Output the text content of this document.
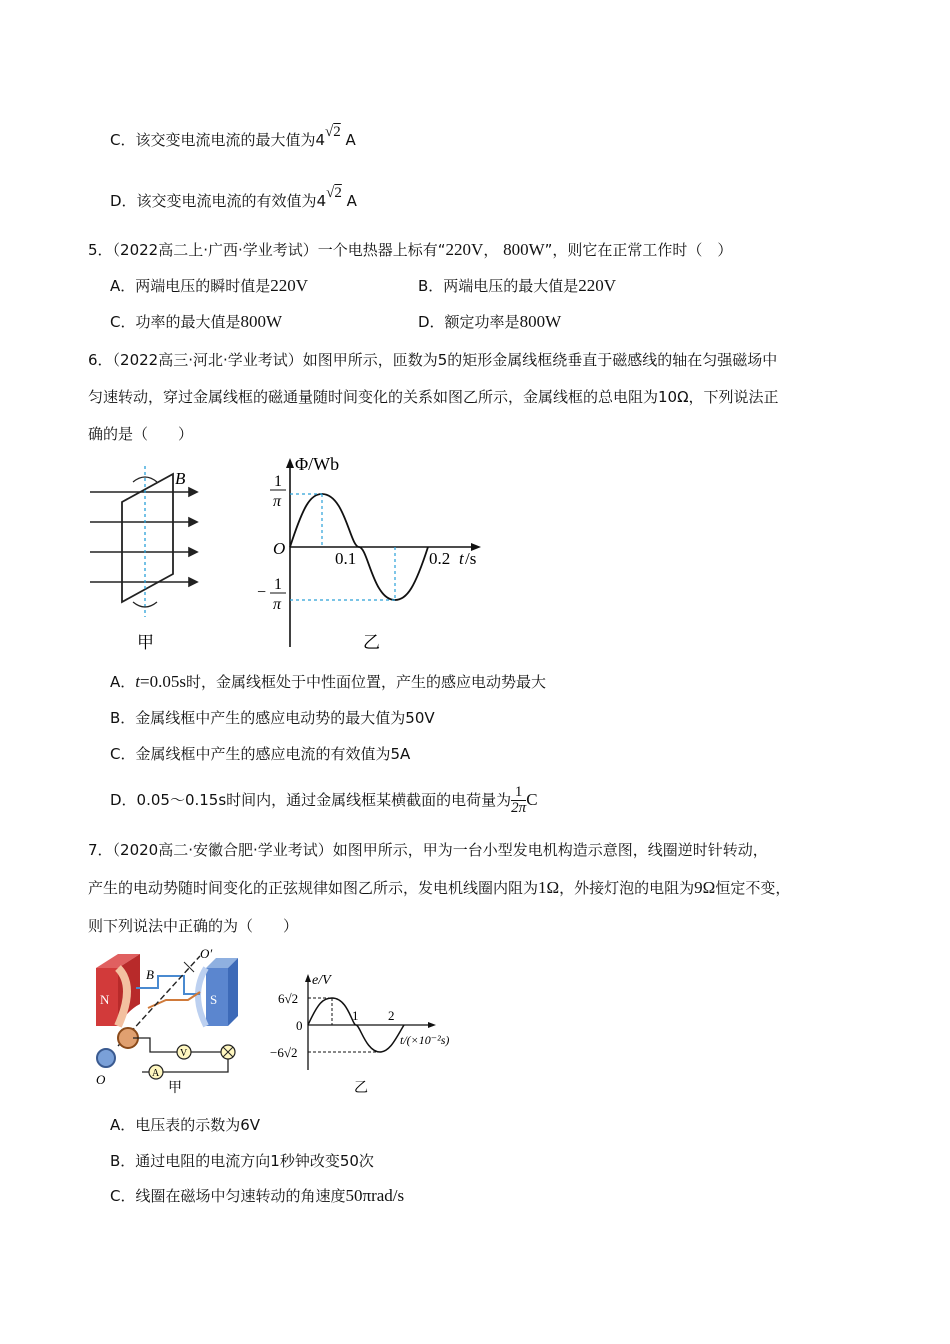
C．该交变电流电流的最大值为4√2 A
D．该交变电流电流的有效值为4√2 A
5．（2022高二上·广西·学业考试）一个电热器上标有“220V， 800W”，则它在正常工作时（　）
A．两端电压的瞬时值是220V	B．两端电压的最大值是220V
C．功率的最大值是800W	D．额定功率是800W
6．（2022高三·河北·学业考试）如图甲所示，匝数为5的矩形金属线框绕垂直于磁感线的轴在匀强磁场中
匀速转动，穿过金属线框的磁通量随时间变化的关系如图乙所示，金属线框的总电阻为10Ω，下列说法正
确的是（　　）
B
甲
Φ/Wb
1
π
O
0.1	0.2 t /s
− 1
π
乙
A．t=0.05s时，金属线框处于中性面位置，产生的感应电动势最大
B．金属线框中产生的感应电动势的最大值为50V
C．金属线框中产生的感应电流的有效值为5A
D．0.05～0.15s时间内，通过金属线框某横截面的电荷量为 $\frac{1}{2\pi}$ C
7．（2020高二·安徽合肥·学业考试）如图甲所示，甲为一台小型发电机构造示意图，线圈逆时针转动，
产生的电动势随时间变化的正弦规律如图乙所示，发电机线圈内阻为1Ω，外接灯泡的电阻为9Ω恒定不变，
则下列说法中正确的为（　　）
N	S
O′
B
V
A
O
甲
e/V
6√2
0
−6√2
1 2
t/(×10⁻²s)
乙
A．电压表的示数为6V
B．通过电阻的电流方向1秒钟改变50次
C．线圈在磁场中匀速转动的角速度50πrad/s
